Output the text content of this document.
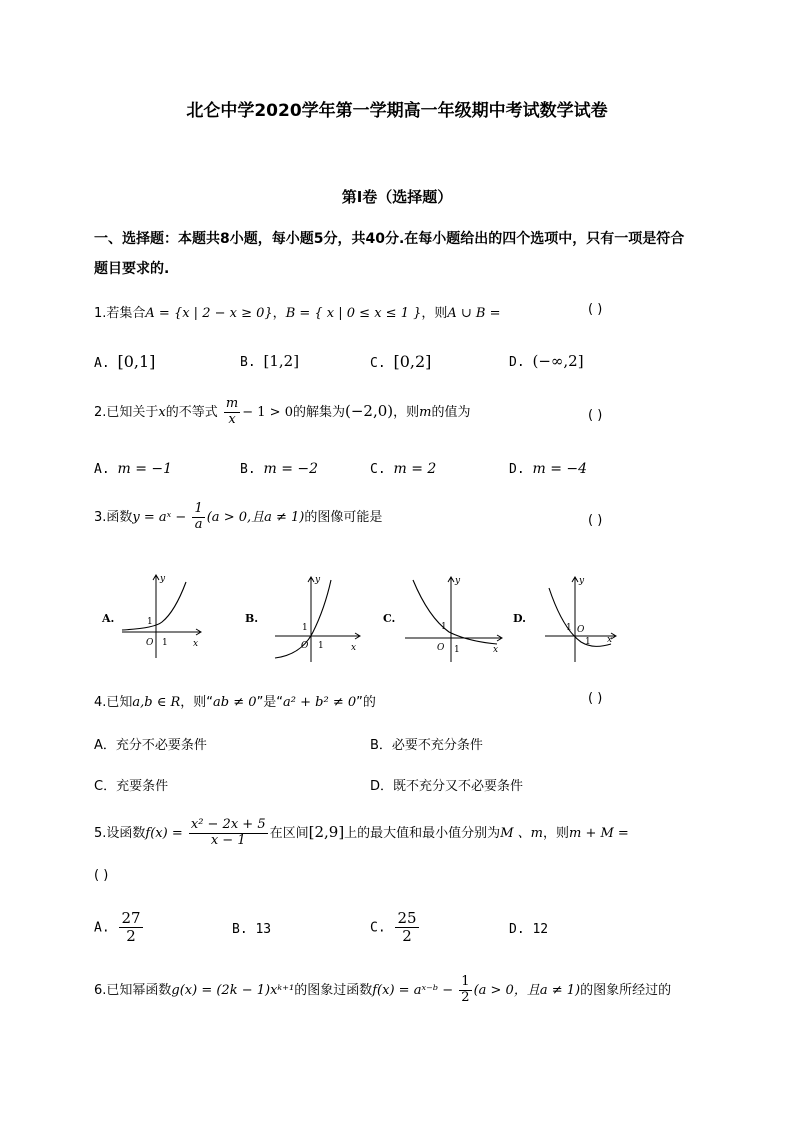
北仑中学2020学年第一学期高一年级期中考试数学试卷
第Ⅰ卷（选择题）
一、选择题：本题共8小题，每小题5分，共40分.在每小题给出的四个选项中，只有一项是符合
题目要求的.
1.若集合A = {x | 2 − x ≥ 0}，B = { x | 0 ≤ x ≤ 1 }，则A ∪ B =	( )
A. [0,1]	B. [1,2]	C. [0,2]	D. (−∞,2]
2.已知关于x的不等式 $\frac{m}{x} - 1 > 0$的解集为(−2,0)，则m的值为	( )
A. m = −1	B. m = −2	C. m = 2	D. m = −4
3.函数y = aˣ − $\frac{1}{a} (a > 0$,且a ≠ 1)的图像可能是	( )
A.
y
x
O 1
1	B.
y
x
O 1
1
C.
y
x
O 1
1
D.
y
x
O
1
1
4.已知a,b ∈ R，则“ab ≠ 0”是“a² + b² ≠ 0”的	( )
A．充分不必要条件	B．必要不充分条件
C．充要条件	D．既不充分又不必要条件
5.设函数$f(x) = \frac{\text{x² − 2x + 5}}{x - 1}$ 在区间[2,9]上的最大值和最小值分别为M 、m，则m + M =
( )
A. $\frac{27}{2}$	B. 13	C. $\frac{25}{2}$	D. 12
6.已知幂函数g(x) = (2k − 1)xᵏ⁺¹的图象过函数f(x) = aˣ⁻ᵇ − $\frac{1}{2} (a > 0$，且a ≠ 1)的图象所经过的
